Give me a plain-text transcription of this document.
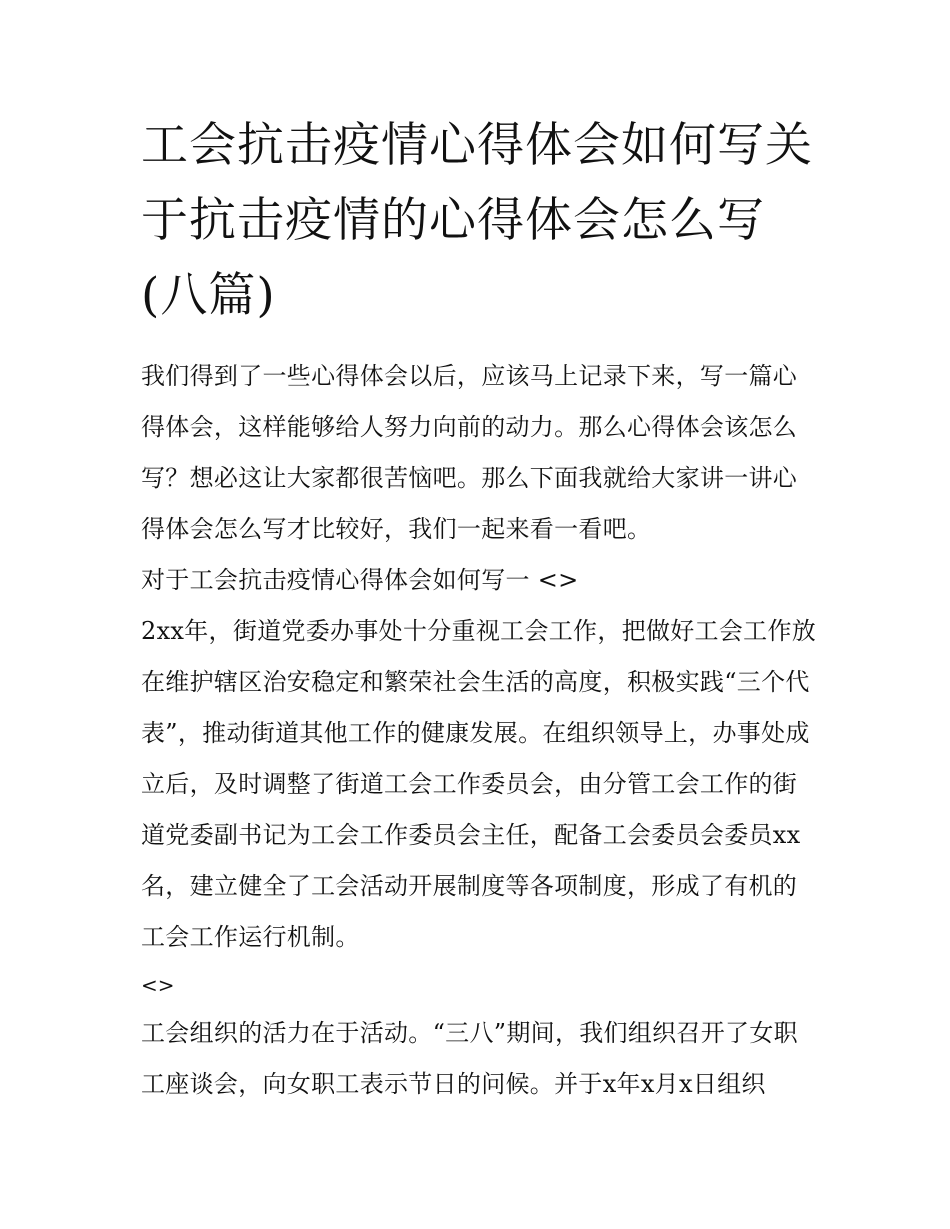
工会抗击疫情心得体会如何写关于抗击疫情的心得体会怎么写(八篇)

我们得到了一些心得体会以后，应该马上记录下来，写一篇心得体会，这样能够给人努力向前的动力。那么心得体会该怎么写？想必这让大家都很苦恼吧。那么下面我就给大家讲一讲心得体会怎么写才比较好，我们一起来看一看吧。

对于工会抗击疫情心得体会如何写一 <>

2xx年，街道党委办事处十分重视工会工作，把做好工会工作放在维护辖区治安稳定和繁荣社会生活的高度，积极实践“三个代表”，推动街道其他工作的健康发展。在组织领导上，办事处成立后，及时调整了街道工会工作委员会，由分管工会工作的街道党委副书记为工会工作委员会主任，配备工会委员会委员xx名，建立健全了工会活动开展制度等各项制度，形成了有机的工会工作运行机制。

<>

工会组织的活力在于活动。“三八”期间，我们组织召开了女职工座谈会，向女职工表示节日的问候。并于x年x月x日组织
